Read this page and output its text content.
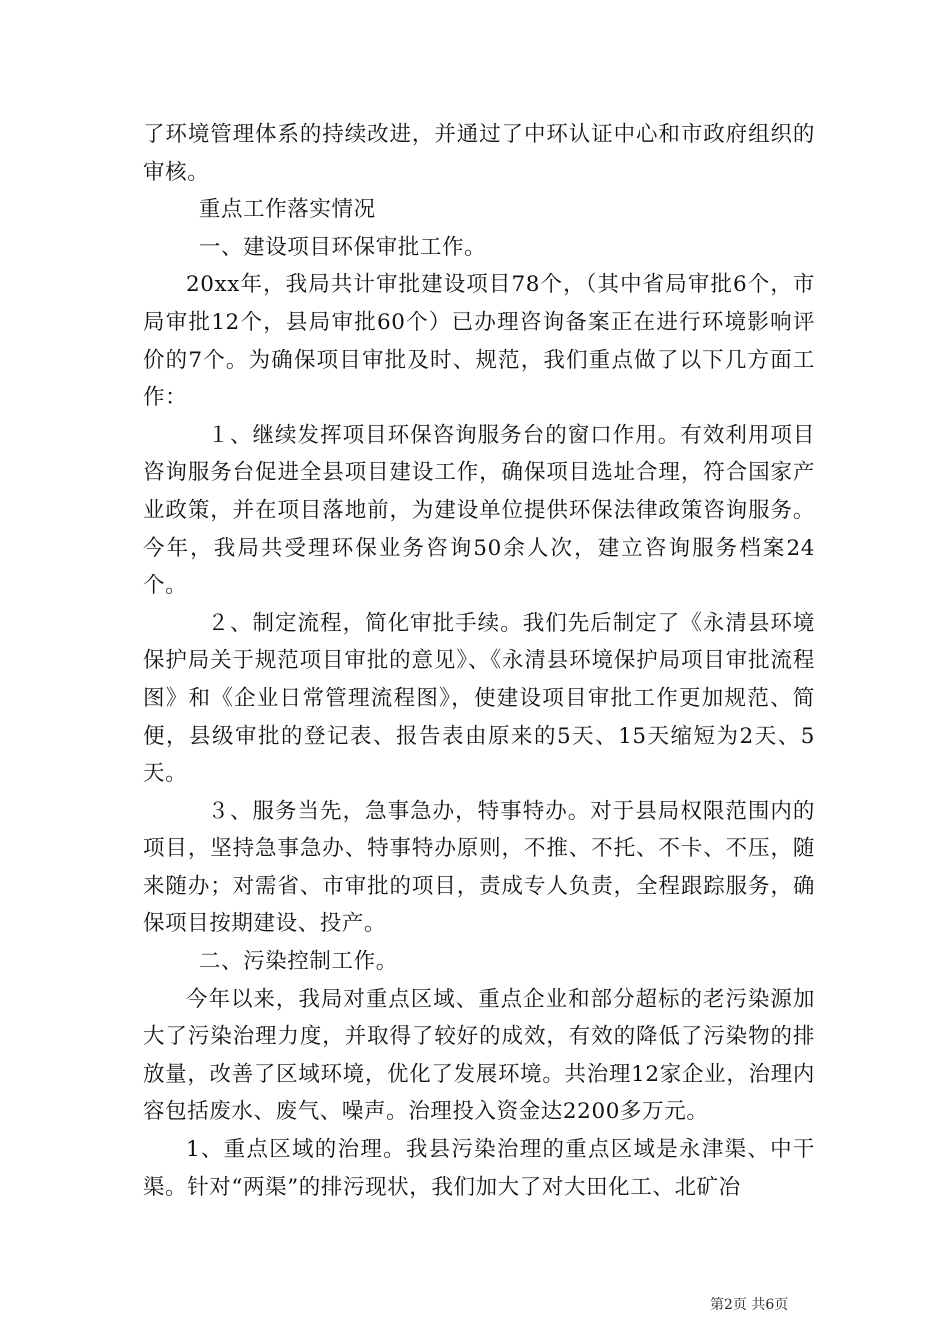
了环境管理体系的持续改进，并通过了中环认证中心和市政府组织的审核。

重点工作落实情况

一、建设项目环保审批工作。

20xx年，我局共计审批建设项目78个，（其中省局审批6个，市局审批12个，县局审批60个）已办理咨询备案正在进行环境影响评价的7个。为确保项目审批及时、规范，我们重点做了以下几方面工作：

１、继续发挥项目环保咨询服务台的窗口作用。有效利用项目咨询服务台促进全县项目建设工作，确保项目选址合理，符合国家产业政策，并在项目落地前，为建设单位提供环保法律政策咨询服务。今年，我局共受理环保业务咨询50余人次，建立咨询服务档案24个。

２、制定流程，简化审批手续。我们先后制定了《永清县环境保护局关于规范项目审批的意见》、《永清县环境保护局项目审批流程图》和《企业日常管理流程图》，使建设项目审批工作更加规范、简便，县级审批的登记表、报告表由原来的5天、15天缩短为2天、5天。

３、服务当先，急事急办，特事特办。对于县局权限范围内的项目，坚持急事急办、特事特办原则，不推、不托、不卡、不压，随来随办；对需省、市审批的项目，责成专人负责，全程跟踪服务，确保项目按期建设、投产。

二、污染控制工作。

今年以来，我局对重点区域、重点企业和部分超标的老污染源加大了污染治理力度，并取得了较好的成效，有效的降低了污染物的排放量，改善了区域环境，优化了发展环境。共治理12家企业，治理内容包括废水、废气、噪声。治理投入资金达2200多万元。

1、重点区域的治理。我县污染治理的重点区域是永津渠、中干渠。针对“两渠”的排污现状，我们加大了对大田化工、北矿冶

第2页 共6页
